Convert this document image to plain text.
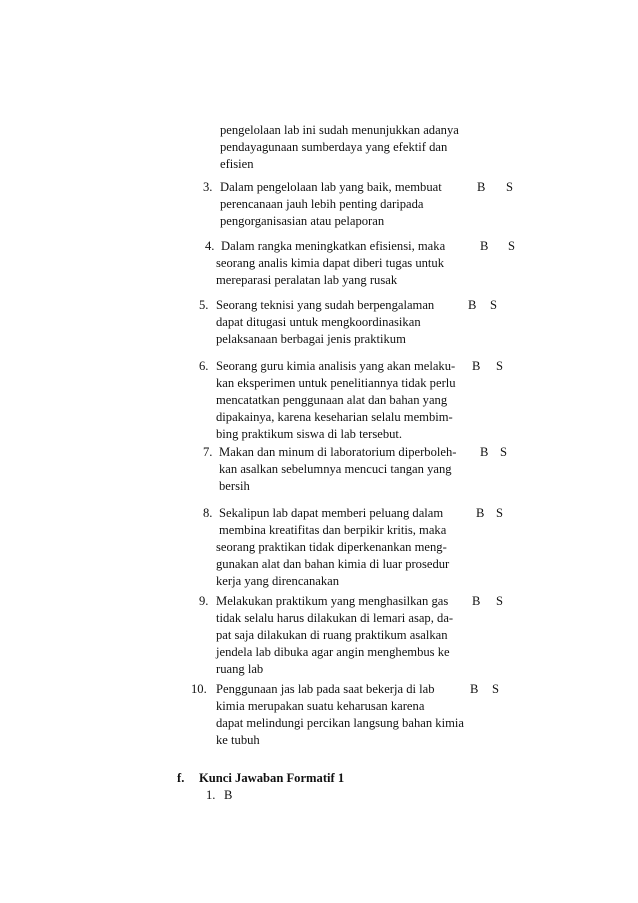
pengelolaan lab ini sudah menunjukkan adanya
pendayagunaan sumberdaya yang efektif dan
efisien
3. Dalam pengelolaan lab yang baik, membuat
perencanaan jauh lebih penting daripada
pengorganisasian atau pelaporan
B S
4. Dalam rangka meningkatkan efisiensi, maka
seorang analis kimia dapat diberi tugas untuk
mereparasi peralatan lab yang rusak
B S
5. Seorang teknisi yang sudah berpengalaman
dapat ditugasi untuk mengkoordinasikan
pelaksanaan berbagai jenis praktikum
B S
6. Seorang guru kimia analisis yang akan melaku-
kan eksperimen untuk penelitiannya tidak perlu
mencatatkan penggunaan alat dan bahan yang
dipakainya, karena keseharian selalu membim-
bing praktikum siswa di lab tersebut.
B S
7. Makan dan minum di laboratorium diperboleh-
kan asalkan sebelumnya mencuci tangan yang
bersih
B S
8. Sekalipun lab dapat memberi peluang dalam
membina kreatifitas dan berpikir kritis, maka
seorang praktikan tidak diperkenankan meng-
gunakan alat dan bahan kimia di luar prosedur
kerja yang direncanakan
B S
9. Melakukan praktikum yang menghasilkan gas
tidak selalu harus dilakukan di lemari asap, da-
pat saja dilakukan di ruang praktikum asalkan
jendela lab dibuka agar angin menghembus ke
ruang lab
B S
10. Penggunaan jas lab pada saat bekerja di lab
kimia merupakan suatu keharusan karena
dapat melindungi percikan langsung bahan kimia
ke tubuh
B S
f. Kunci Jawaban Formatif 1
1. B
